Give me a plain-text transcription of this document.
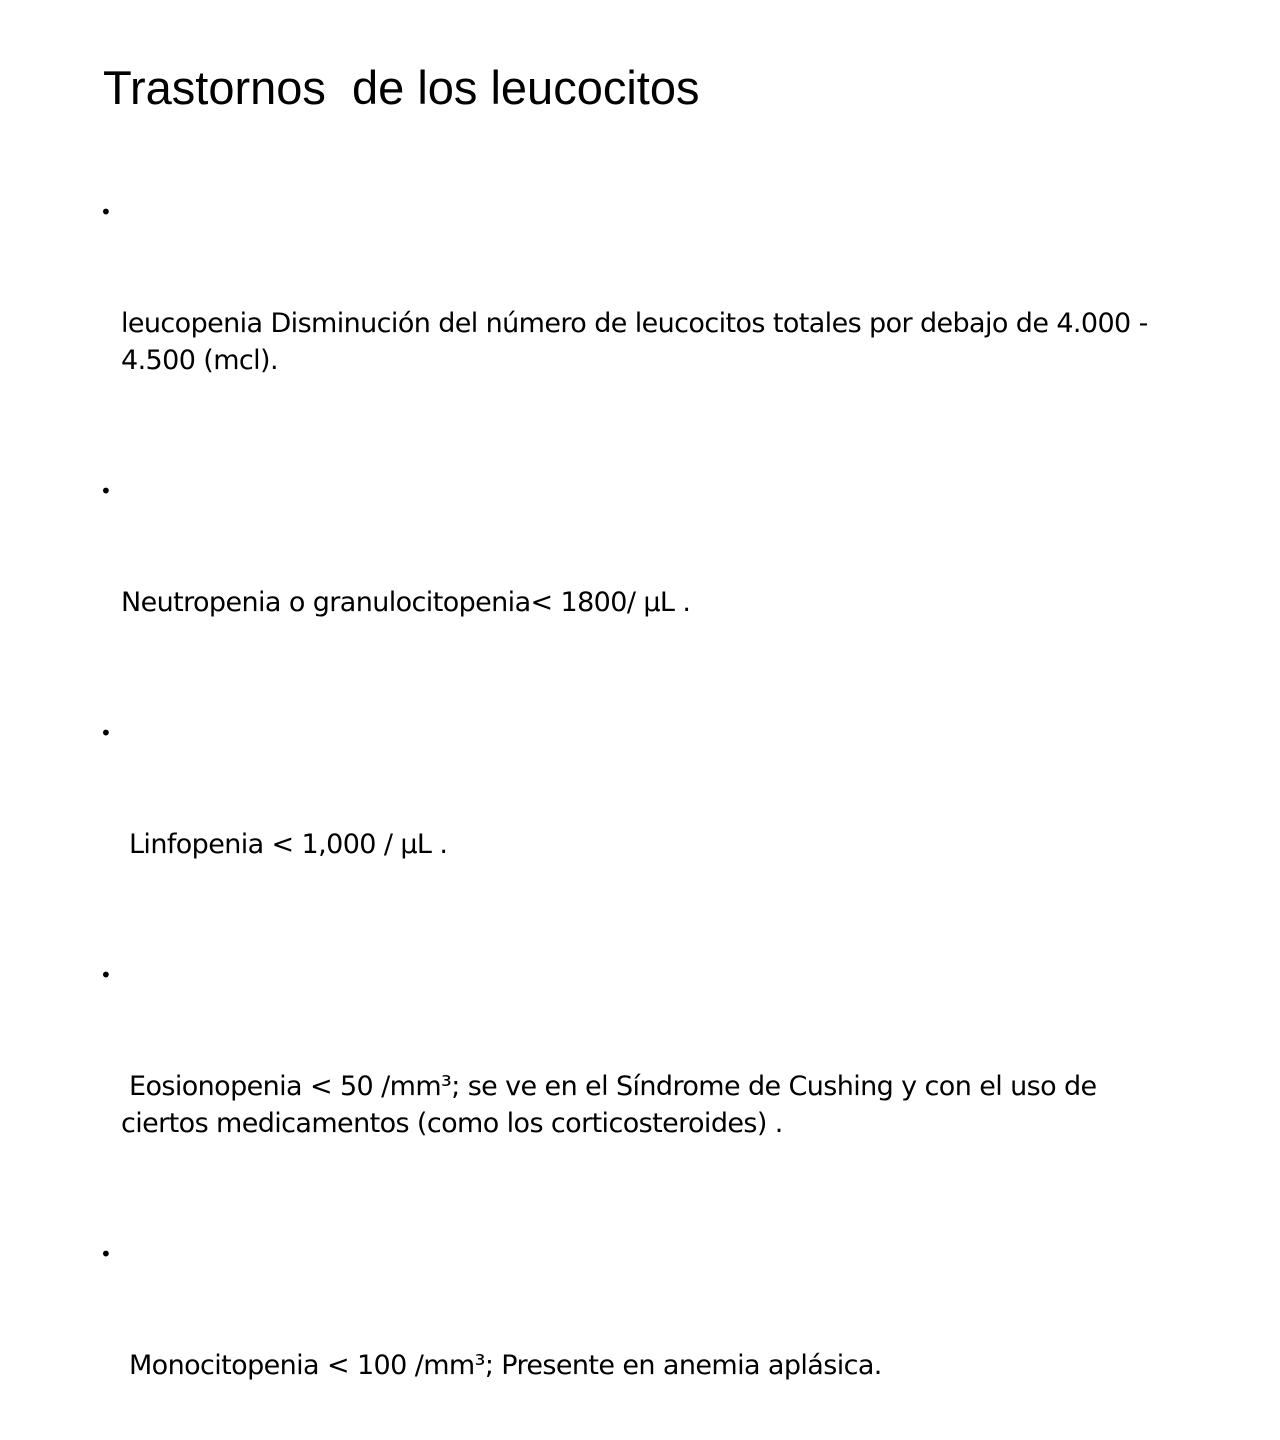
Trastornos  de los leucocitos

•

leucopenia Disminución del número de leucocitos totales por debajo de 4.000 - 4.500 (mcl).

•

Neutropenia o granulocitopenia< 1800/ µL .

•

Linfopenia < 1,000 / µL .

•

Eosionopenia < 50 /mm³; se ve en el Síndrome de Cushing y con el uso de ciertos medicamentos (como los corticosteroides) .

•

Monocitopenia < 100 /mm³; Presente en anemia aplásica.
